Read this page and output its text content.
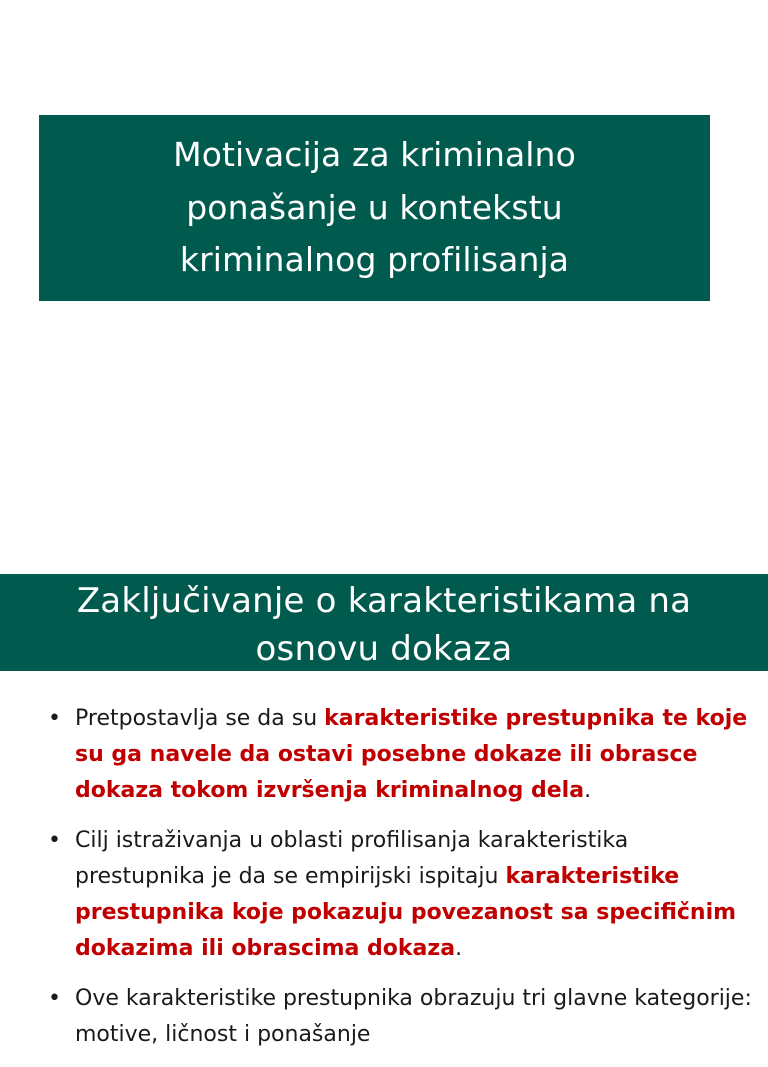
Motivacija za kriminalno ponašanje u kontekstu kriminalnog profilisanja
Zaključivanje o karakteristikama na osnovu dokaza
• Pretpostavlja se da su karakteristike prestupnika te koje su ga navele da ostavi posebne dokaze ili obrasce dokaza tokom izvršenja kriminalnog dela.
• Cilj istraživanja u oblasti profilisanja karakteristika prestupnika je da se empirijski ispitaju karakteristike prestupnika koje pokazuju povezanost sa specifičnim dokazima ili obrascima dokaza.
• Ove karakteristike prestupnika obrazuju tri glavne kategorije: motive, ličnost i ponašanje
